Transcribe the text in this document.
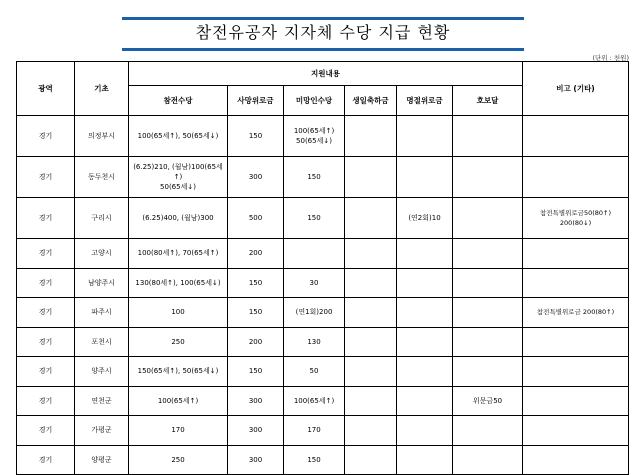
참전유공자 지자체 수당 지급 현황
(단위 : 천원)
광역	기초	지원내용						비고 (기타)
		참전수당	사망위로금	미망인수당	생일축하금	명절위로금	호보달	
경기	의정부시	100(65세↑), 50(65세↓)	150	100(65세↑)
50(65세↓)				

경기	동두천시	(6.25)210, (월남)100(65세↑)
50(65세↓)	300	150				

경기	구리시	(6.25)400, (월남)300	500	150		(연2회)10		참전특별위로금50(80↑)
200(80↓)

경기	고양시	100(80세↑), 70(65세↑)	200					

경기	남양주시	130(80세↑), 100(65세↓)	150	30				

경기	파주시	100	150	(연1회)200				참전특별위로금 200(80↑)

경기	포천시	250	200	130				

경기	양주시	150(65세↑), 50(65세↓)	150	50				

경기	연천군	100(65세↑)	300	100(65세↑)			위문금50	

경기	가평군	170	300	170				

경기	양평군	250	300	150				
